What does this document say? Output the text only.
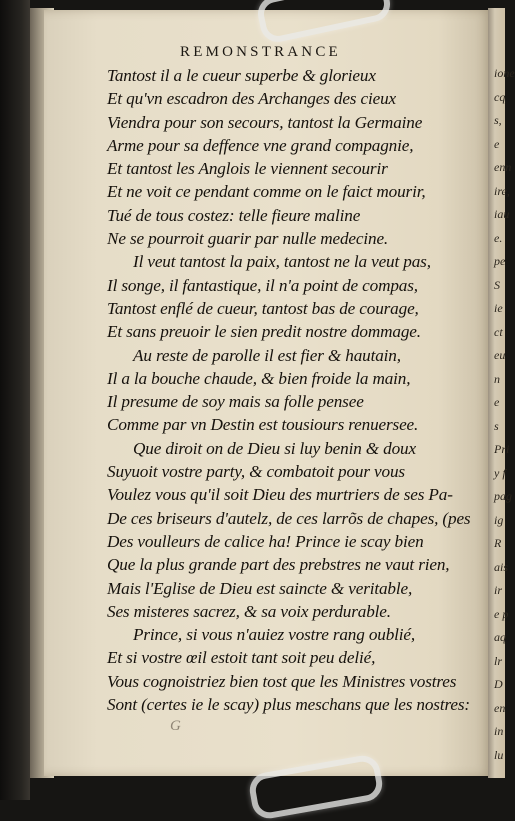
ione
cq
s,
e
enn
ire,
iau
e.
pe
S
ie
ct
eu
n
e
s
Pri
y f
pag
ig
R
ais
ir
e p
aq
lr
D
en
in
lu
REMONSTRANCE
Tantost il a le cueur superbe & glorieux
Et qu'vn escadron des Archanges des cieux
Viendra pour son secours, tantost la Germaine
Arme pour sa deffence vne grand compagnie,
Et tantost les Anglois le viennent secourir
Et ne voit ce pendant comme on le faict mourir,
Tué de tous costez: telle fieure maline
Ne se pourroit guarir par nulle medecine.
Il veut tantost la paix, tantost ne la veut pas,
Il songe, il fantastique, il n'a point de compas,
Tantost enflé de cueur, tantost bas de courage,
Et sans preuoir le sien predit nostre dommage.
Au reste de parolle il est fier & hautain,
Il a la bouche chaude, & bien froide la main,
Il presume de soy mais sa folle pensee
Comme par vn Destin est tousiours renuersee.
Que diroit on de Dieu si luy benin & doux
Suyuoit vostre party, & combatoit pour vous
Voulez vous qu'il soit Dieu des murtriers de ses Pa-
De ces briseurs d'autelz, de ces larrõs de chapes, (pes
Des voulleurs de calice ha! Prince ie scay bien
Que la plus grande part des prebstres ne vaut rien,
Mais l'Eglise de Dieu est saincte & veritable,
Ses misteres sacrez, & sa voix perdurable.
Prince, si vous n'auiez vostre rang oublié,
Et si vostre œil estoit tant soit peu delié,
Vous cognoistriez bien tost que les Ministres vostres
Sont (certes ie le scay) plus meschans que les nostres:
G
